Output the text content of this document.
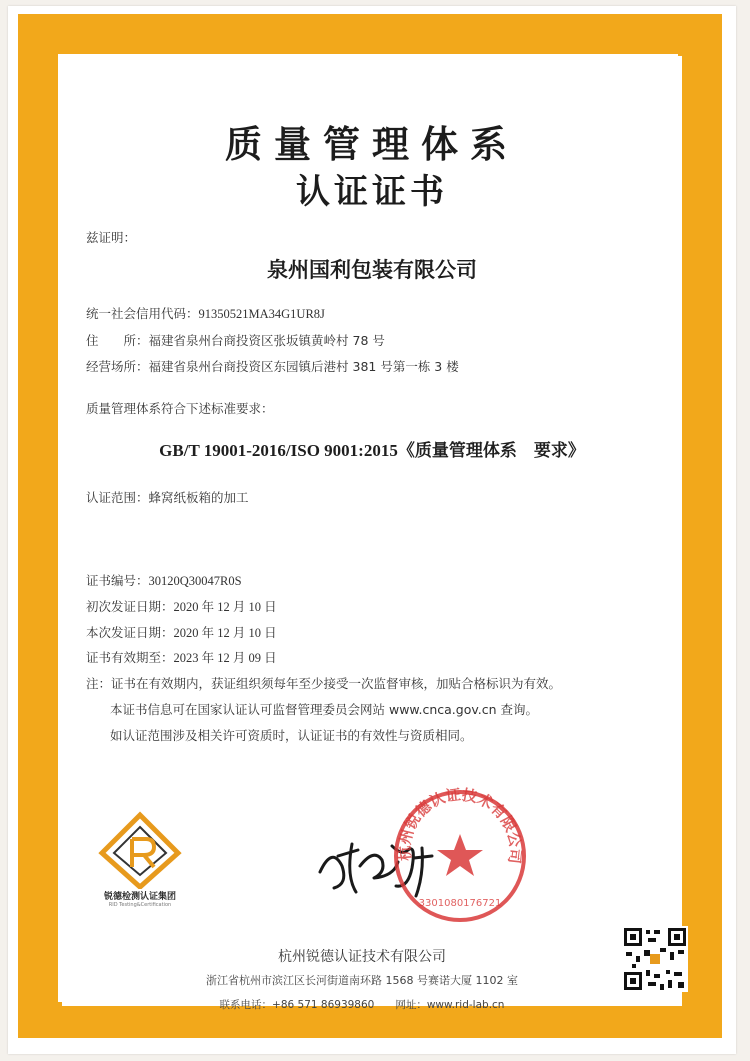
质量管理体系
认证证书
兹证明：
泉州国利包装有限公司
统一社会信用代码：91350521MA34G1UR8J
住　　所：福建省泉州台商投资区张坂镇黄岭村 78 号
经营场所：福建省泉州台商投资区东园镇后港村 381 号第一栋 3 楼
质量管理体系符合下述标准要求：
GB/T 19001-2016/ISO 9001:2015《质量管理体系　要求》
认证范围：蜂窝纸板箱的加工
证书编号：30120Q30047R0S
初次发证日期：2020 年 12 月 10 日
本次发证日期：2020 年 12 月 10 日
证书有效期至：2023 年 12 月 09 日
注：证书在有效期内，获证组织须每年至少接受一次监督审核，加贴合格标识为有效。
本证书信息可在国家认证认可监督管理委员会网站 www.cnca.gov.cn 查询。
如认证范围涉及相关许可资质时，认证证书的有效性与资质相同。
锐德检测认证集团
RID Testing&Certification
杭州锐德认证技术有限公司
3301080176721
杭州锐德认证技术有限公司
浙江省杭州市滨江区长河街道南环路 1568 号赛诺大厦 1102 室
联系电话：+86 571 86939860　　网址：www.rid-lab.cn
